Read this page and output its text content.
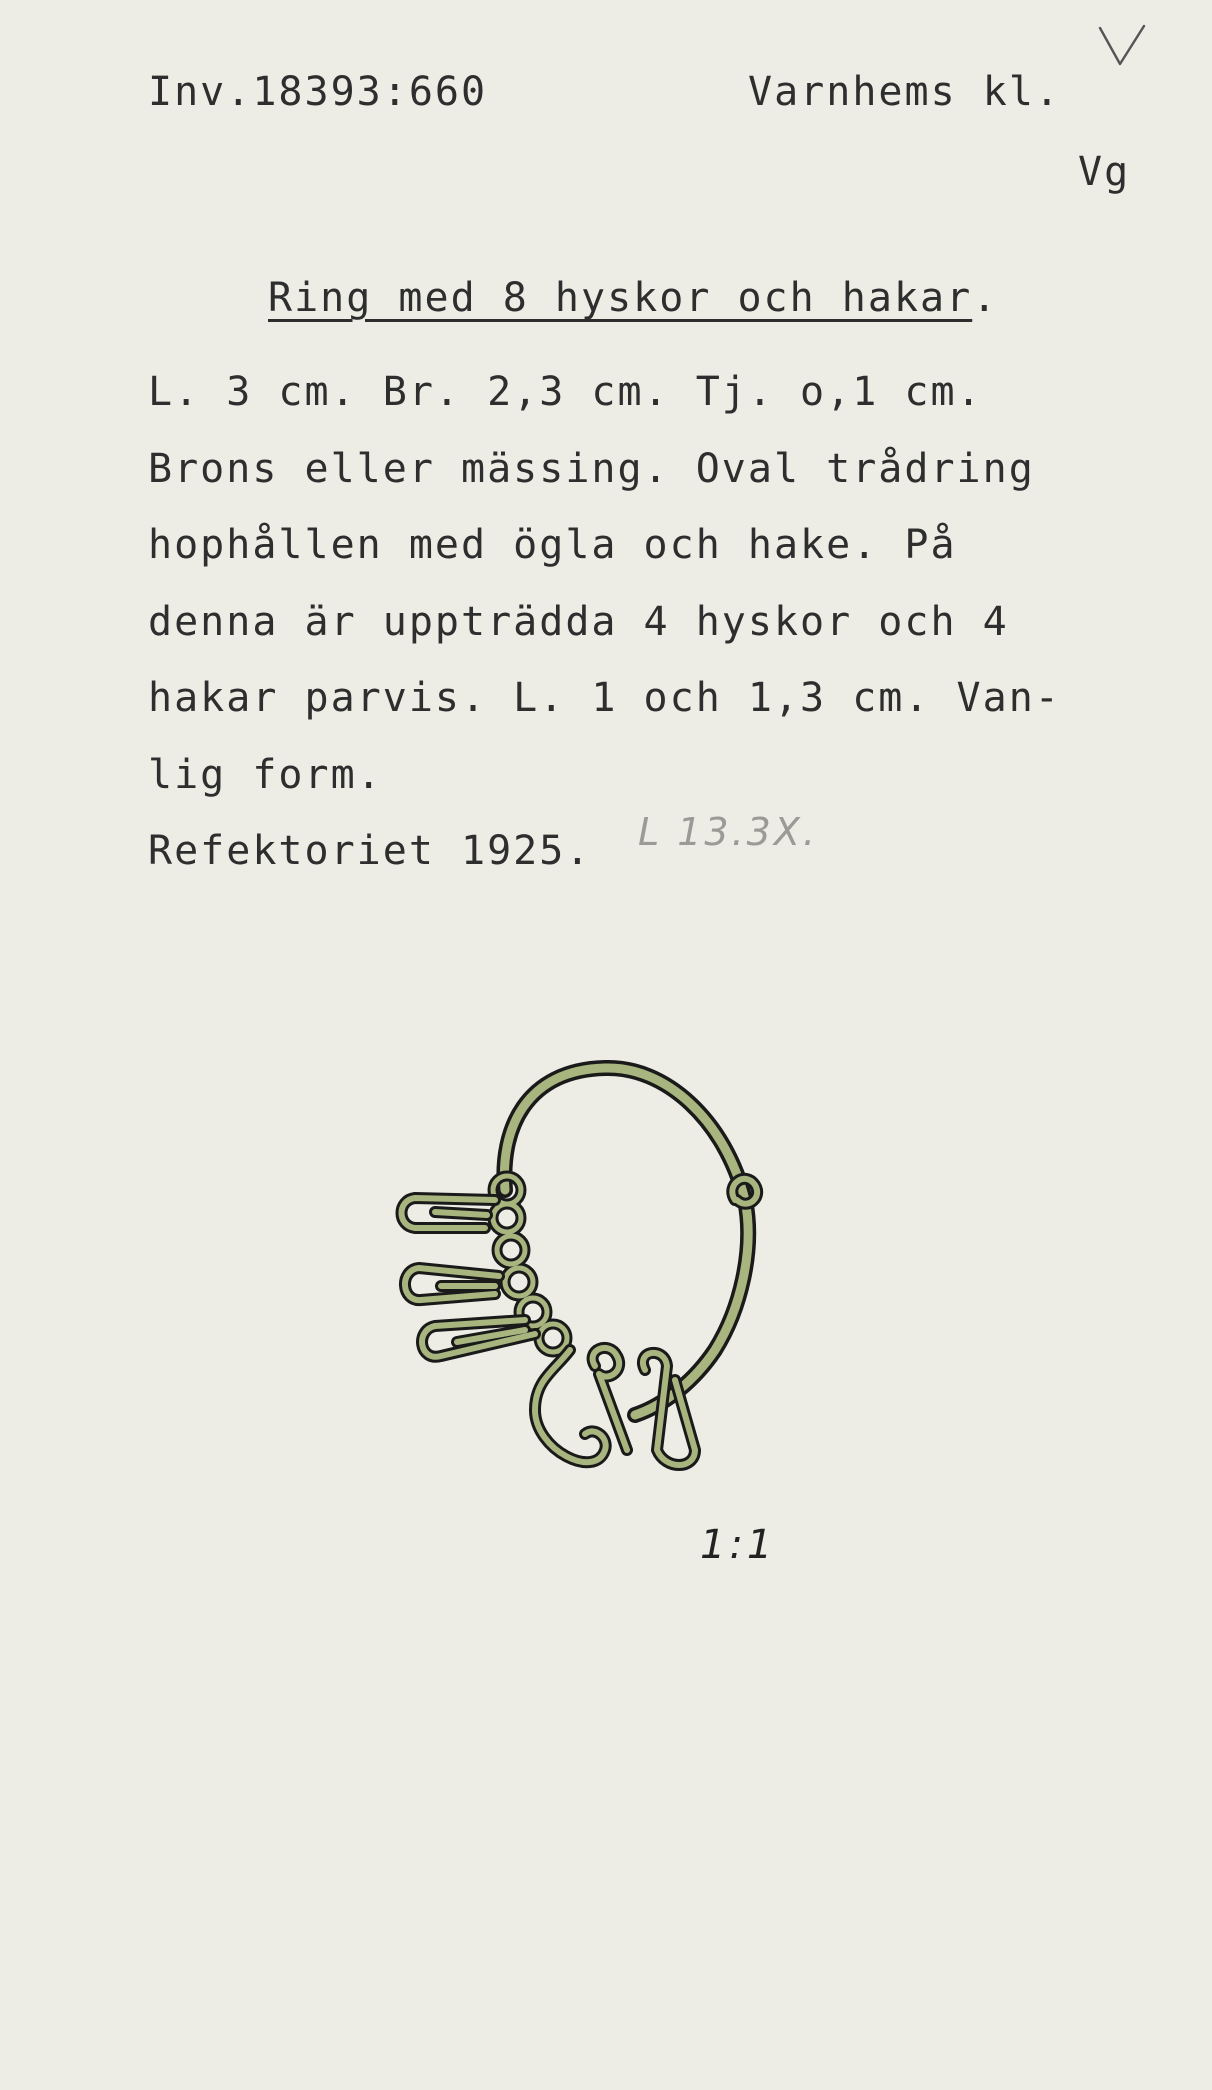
Inv.18393:660	Varnhems kl.
Vg
Ring med 8 hyskor och hakar.
L. 3 cm. Br. 2,3 cm. Tj. o,1 cm.
Brons eller mässing. Oval trådring
hophållen med ögla och hake. På
denna är uppträdda 4 hyskor och 4
hakar parvis. L. 1 och 1,3 cm. Van-
lig form.
Refektoriet 1925.	L 13.3X.
1:1
